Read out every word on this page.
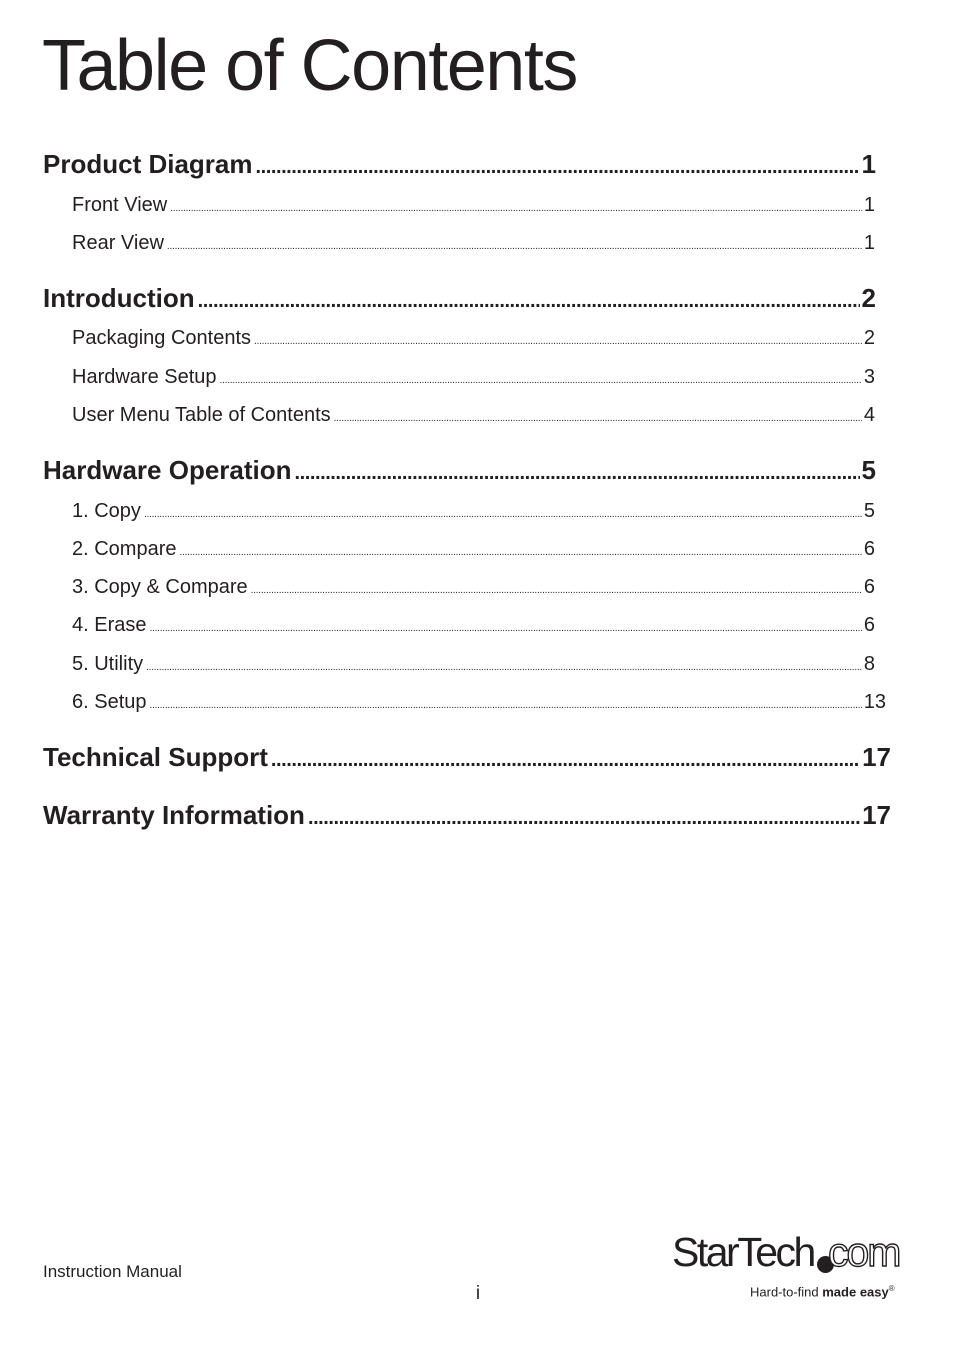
Table of Contents
Product Diagram . . .	1
Front View . . .	1
Rear View . . .	1
Introduction . . .	2
Packaging Contents . . .	2
Hardware Setup . . .	3
User Menu Table of Contents . . .	4
Hardware Operation . . .	5
1. Copy . . .	5
2. Compare . . .	6
3. Copy & Compare . . .	6
4. Erase . . .	6
5. Utility . . .	8
6. Setup . . .	13
Technical Support . . .	17
Warranty Information . . .	17
Instruction Manual
i
StarTech com
Hard-to-find made easy®
